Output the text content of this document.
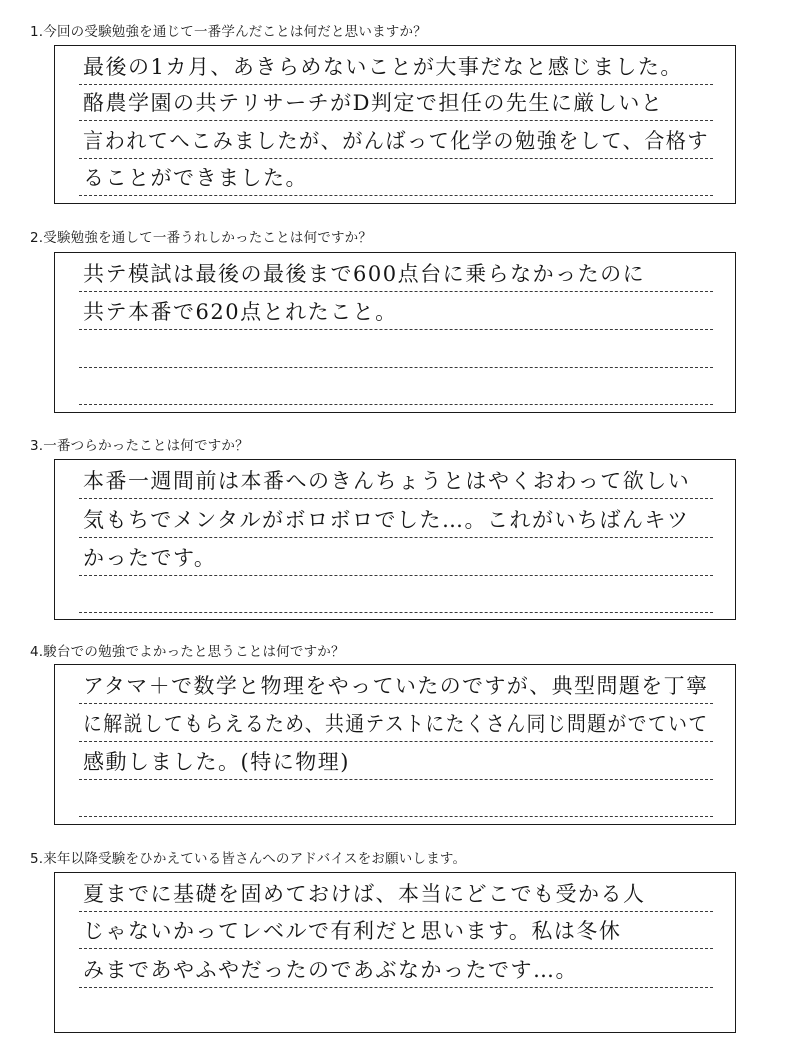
1.今回の受験勉強を通じて一番学んだことは何だと思いますか？
最後の1カ月、あきらめないことが大事だなと感じました。
酪農学園の共テリサーチがD判定で担任の先生に厳しいと
言われてへこみましたが、がんばって化学の勉強をして、合格す
ることができました。
2.受験勉強を通して一番うれしかったことは何ですか？
共テ模試は最後の最後まで600点台に乗らなかったのに
共テ本番で620点とれたこと。
3.一番つらかったことは何ですか？
本番一週間前は本番へのきんちょうとはやくおわって欲しい
気もちでメンタルがボロボロでした…。これがいちばんキツ
かったです。
4.駿台での勉強でよかったと思うことは何ですか？
アタマ＋で数学と物理をやっていたのですが、典型問題を丁寧
に解説してもらえるため、共通テストにたくさん同じ問題がでていて
感動しました。(特に物理)
5.来年以降受験をひかえている皆さんへのアドバイスをお願いします。
夏までに基礎を固めておけば、本当にどこでも受かる人
じゃないかってレベルで有利だと思います。私は冬休
みまであやふやだったのであぶなかったです…。
